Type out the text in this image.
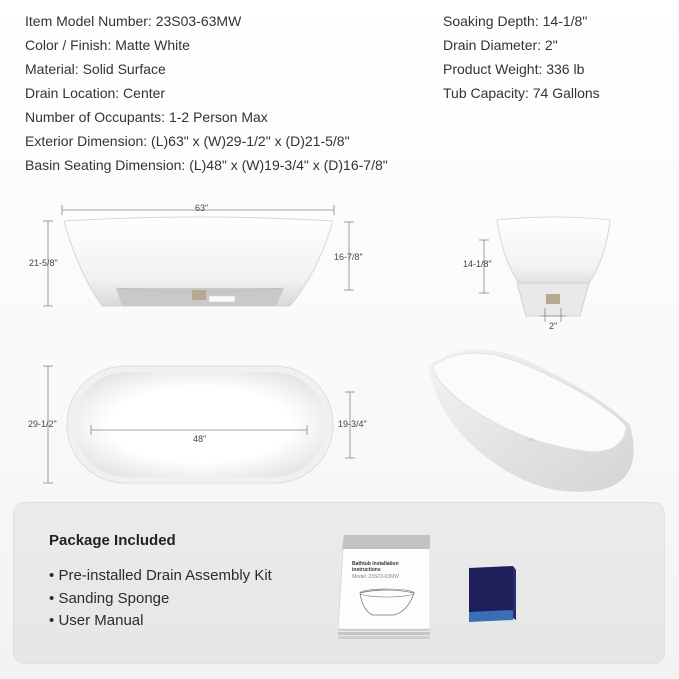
Item Model Number: 23S03-63MW
Color / Finish: Matte White
Material: Solid Surface
Drain Location: Center
Number of Occupants: 1-2 Person Max
Exterior Dimension: (L)63" x (W)29-1/2" x (D)21-5/8"
Basin Seating Dimension: (L)48" x (W)19-3/4" x (D)16-7/8"
Soaking Depth: 14-1/8"
Drain Diameter: 2"
Product Weight: 336 lb
Tub Capacity: 74 Gallons
63"
21-5/8"
16-7/8"
14-1/8"
2"
29-1/2"
48"
19-3/4"
Package Included
• Pre-installed Drain Assembly Kit
• Sanding Sponge
• User Manual
Bathtub installation
instructions
Model: 23S03-63MW
